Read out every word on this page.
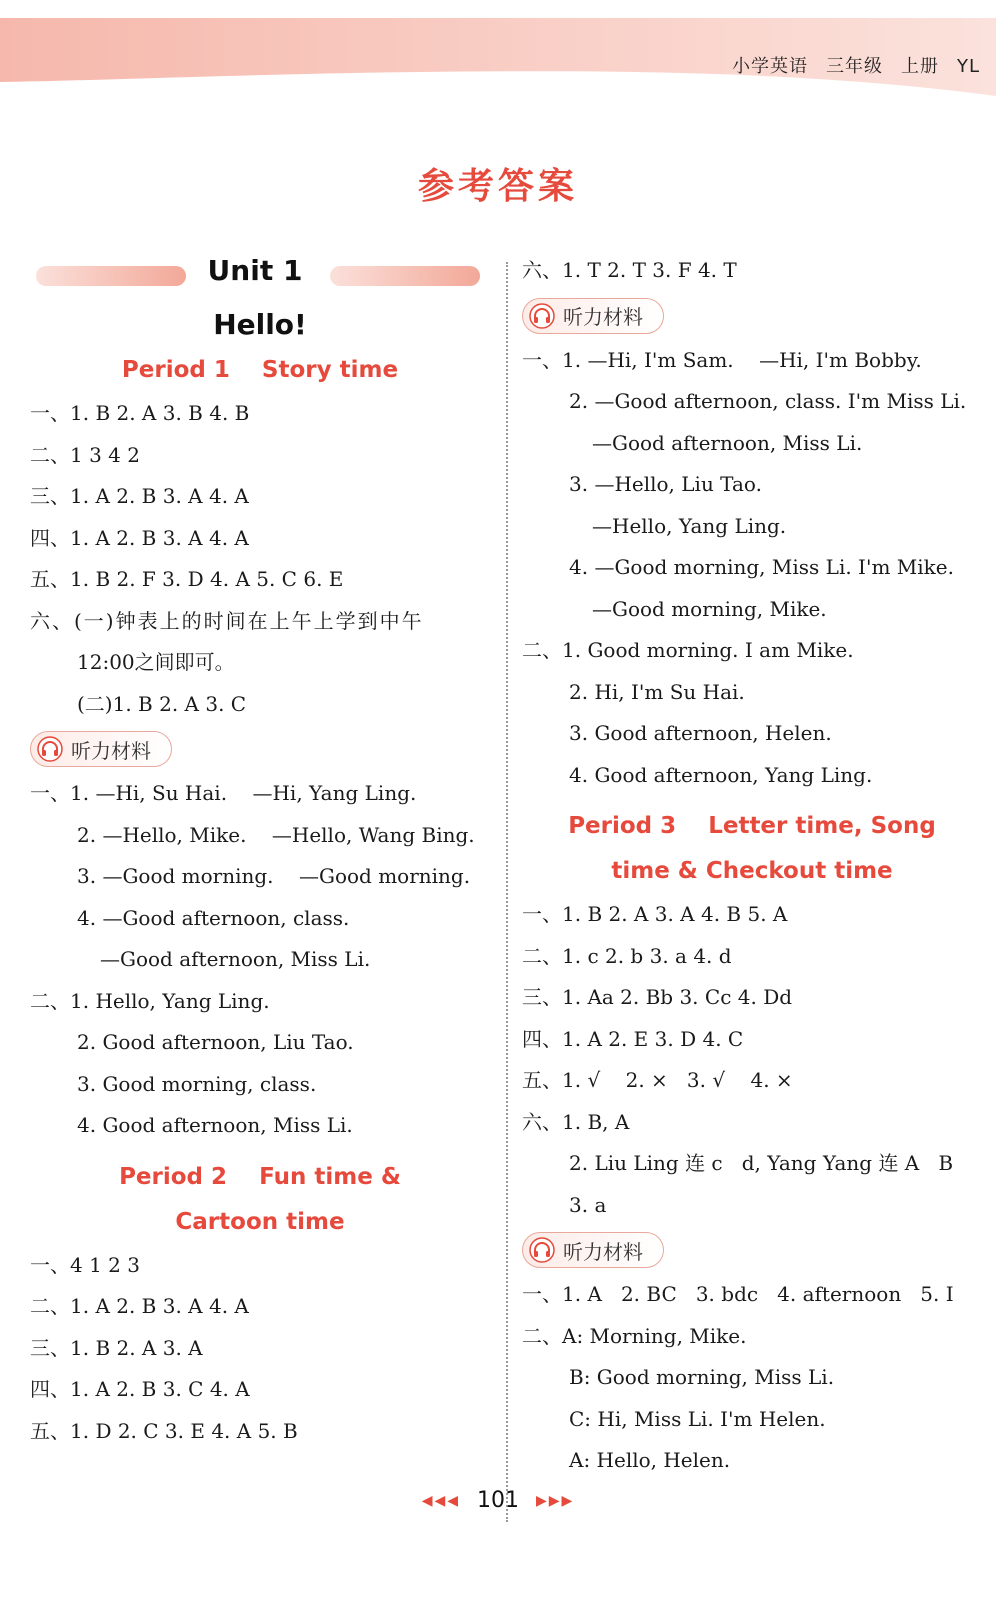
小学英语 三年级 上册 YL
参考答案
Unit 1
Hello!
Period 1    Story time
一、1. B 2. A 3. B 4. B
二、1 3 4 2
三、1. A 2. B 3. A 4. A
四、1. A 2. B 3. A 4. A
五、1. B 2. F 3. D 4. A 5. C 6. E
六、(一)钟表上的时间在上午上学到中午
12:00之间即可。
(二)1. B 2. A 3. C
听力材料
一、1. —Hi, Su Hai.    —Hi, Yang Ling.
2. —Hello, Mike.    —Hello, Wang Bing.
3. —Good morning.    —Good morning.
4. —Good afternoon, class.
—Good afternoon, Miss Li.
二、1. Hello, Yang Ling.
2. Good afternoon, Liu Tao.
3. Good morning, class.
4. Good afternoon, Miss Li.
Period 2    Fun time &
Cartoon time
一、4 1 2 3
二、1. A 2. B 3. A 4. A
三、1. B 2. A 3. A
四、1. A 2. B 3. C 4. A
五、1. D 2. C 3. E 4. A 5. B
六、1. T 2. T 3. F 4. T
听力材料
一、1. —Hi, I'm Sam.    —Hi, I'm Bobby.
2. —Good afternoon, class. I'm Miss Li.
—Good afternoon, Miss Li.
3. —Hello, Liu Tao.
—Hello, Yang Ling.
4. —Good morning, Miss Li. I'm Mike.
—Good morning, Mike.
二、1. Good morning. I am Mike.
2. Hi, I'm Su Hai.
3. Good afternoon, Helen.
4. Good afternoon, Yang Ling.
Period 3    Letter time, Song
time & Checkout time
一、1. B 2. A 3. A 4. B 5. A
二、1. c 2. b 3. a 4. d
三、1. Aa 2. Bb 3. Cc 4. Dd
四、1. A 2. E 3. D 4. C
五、1. √    2. ×   3. √    4. ×
六、1. B, A
2. Liu Ling 连 c   d, Yang Yang 连 A   B
3. a
听力材料
一、1. A   2. BC   3. bdc   4. afternoon   5. I
二、A: Morning, Mike.
B: Good morning, Miss Li.
C: Hi, Miss Li. I'm Helen.
A: Hello, Helen.
◀◀◀ 101 ▶▶▶
